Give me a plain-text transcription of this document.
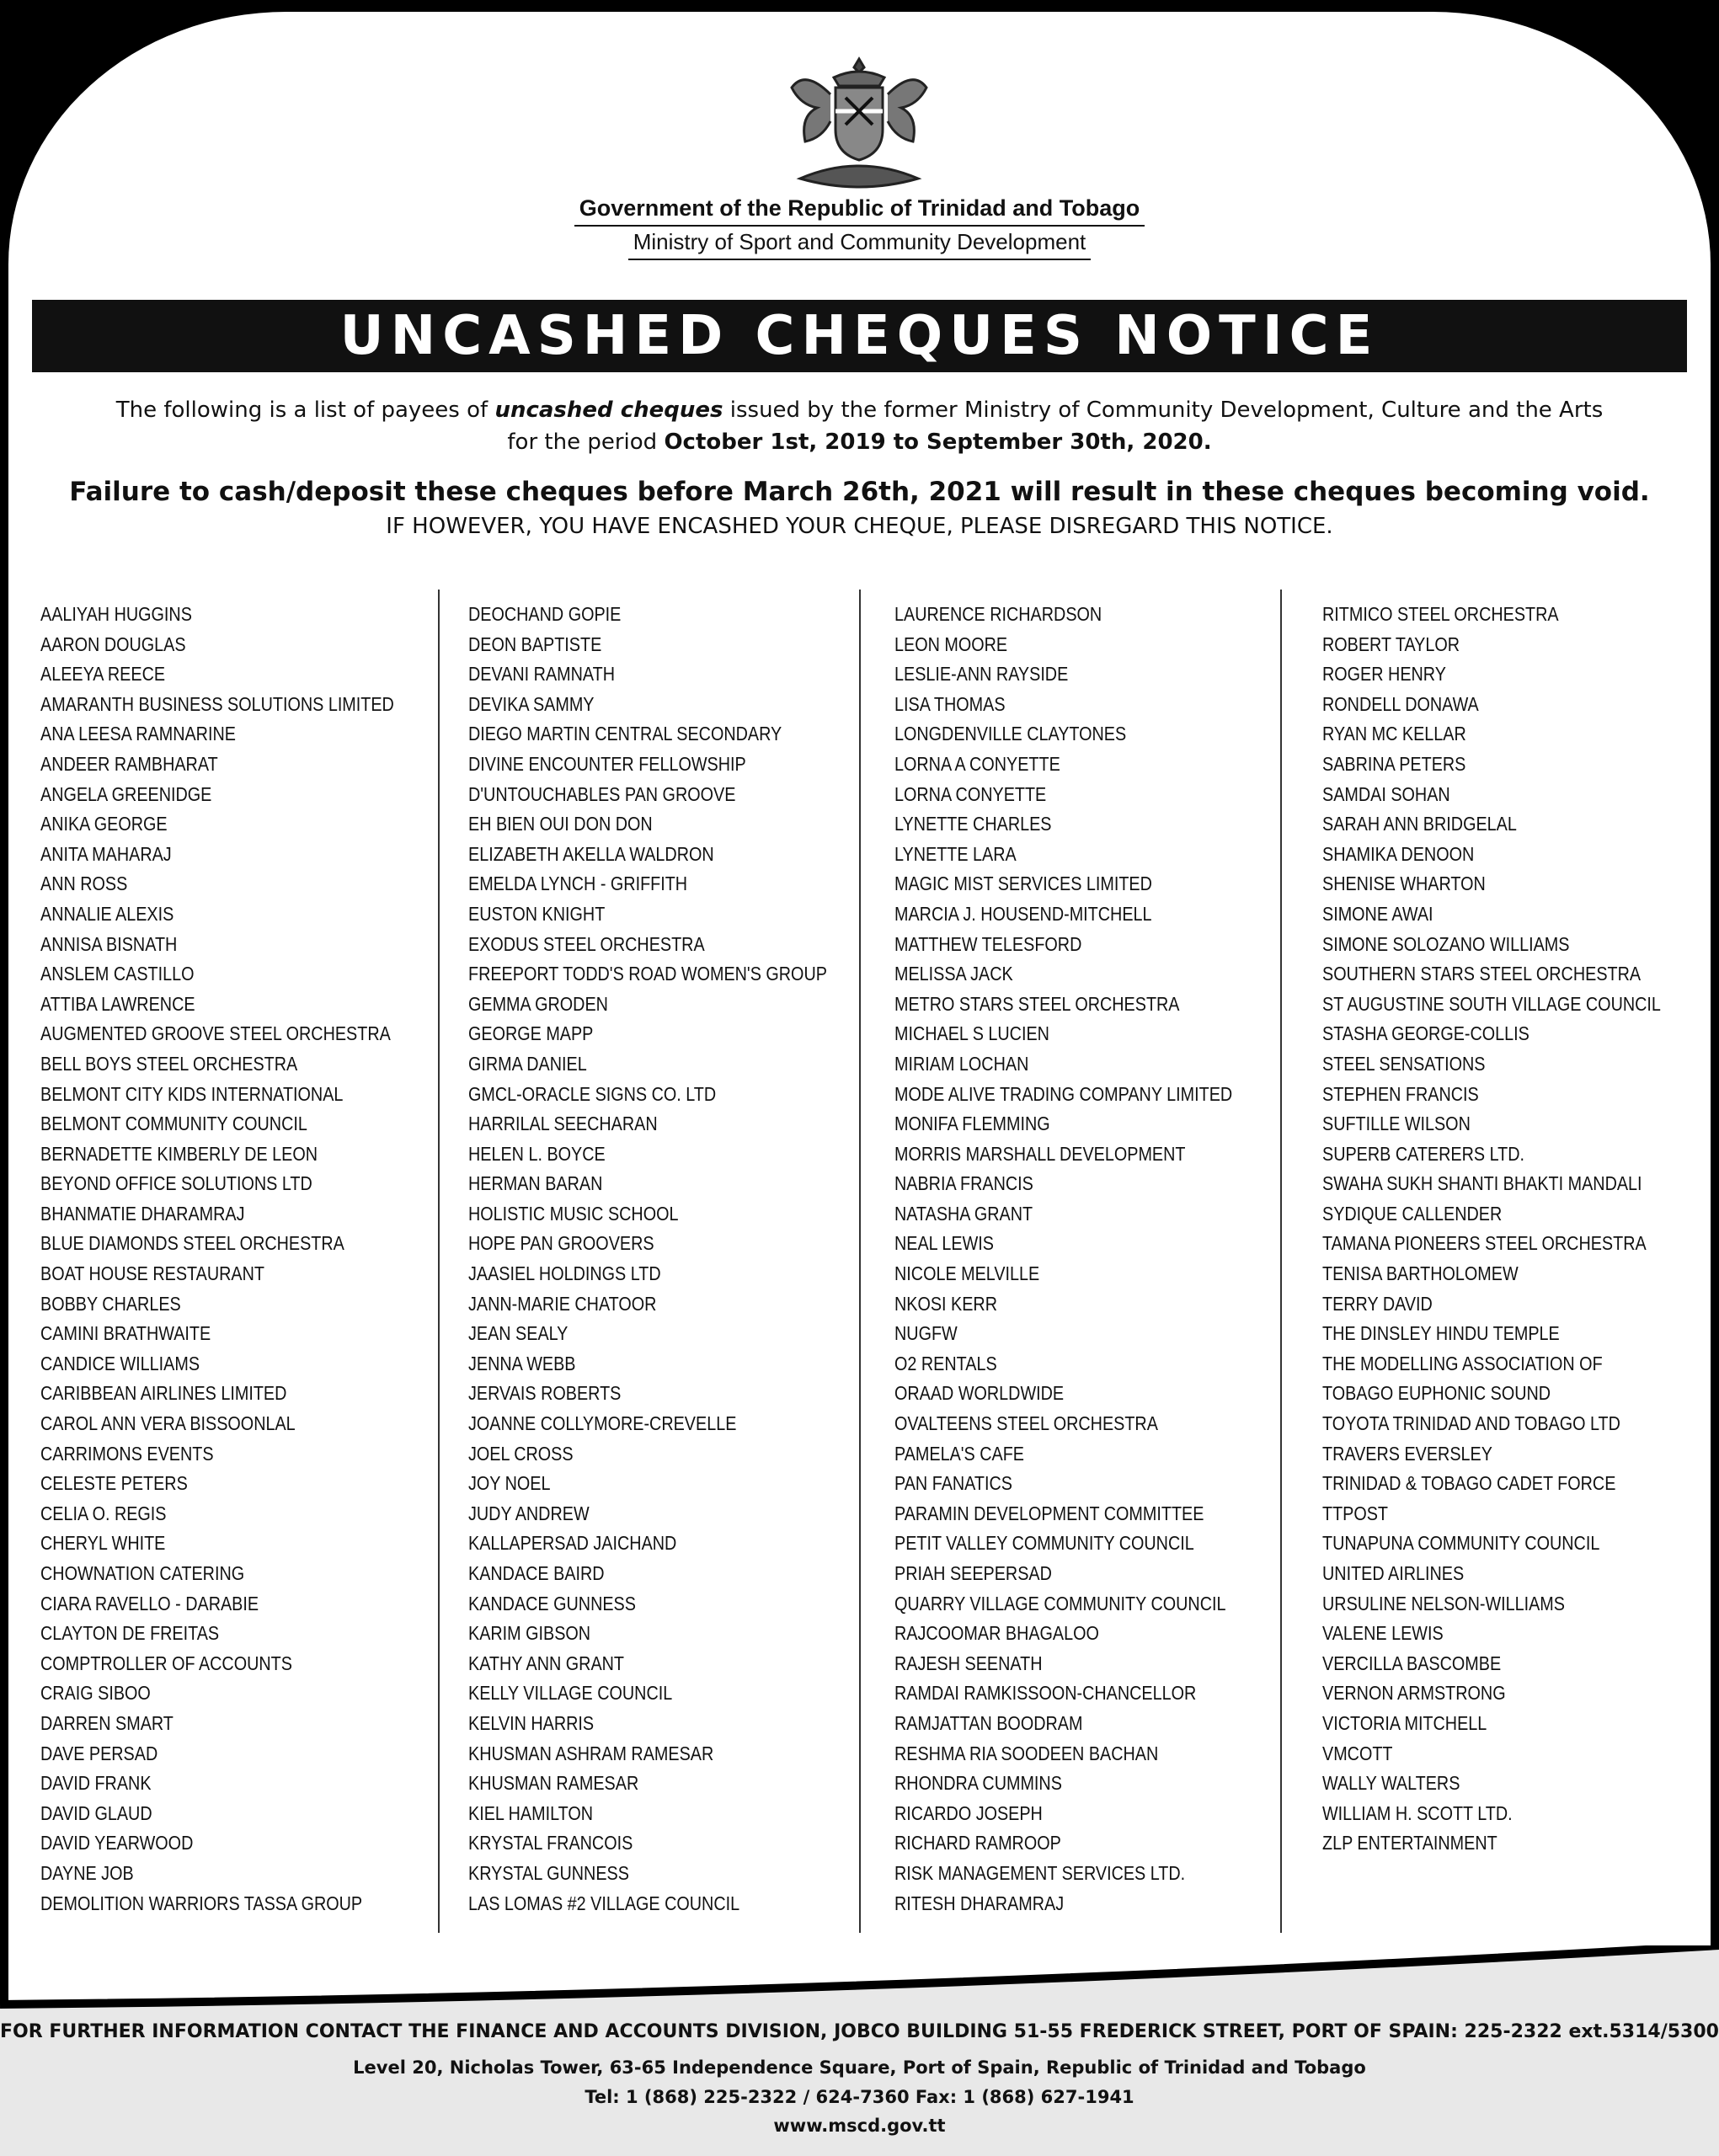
Government of the Republic of Trinidad and Tobago
Ministry of Sport and Community Development
UNCASHED CHEQUES NOTICE
The following is a list of payees of uncashed cheques issued by the former Ministry of Community Development, Culture and the Arts
for the period October 1st, 2019 to September 30th, 2020.
Failure to cash/deposit these cheques before March 26th, 2021 will result in these cheques becoming void.
IF HOWEVER, YOU HAVE ENCASHED YOUR CHEQUE, PLEASE DISREGARD THIS NOTICE.
AALIYAH HUGGINS
AARON DOUGLAS
ALEEYA REECE
AMARANTH BUSINESS SOLUTIONS LIMITED
ANA LEESA RAMNARINE
ANDEER RAMBHARAT
ANGELA GREENIDGE
ANIKA GEORGE
ANITA MAHARAJ
ANN ROSS
ANNALIE ALEXIS
ANNISA BISNATH
ANSLEM CASTILLO
ATTIBA LAWRENCE
AUGMENTED GROOVE STEEL ORCHESTRA
BELL BOYS STEEL ORCHESTRA
BELMONT CITY KIDS INTERNATIONAL
BELMONT COMMUNITY COUNCIL
BERNADETTE KIMBERLY DE LEON
BEYOND OFFICE SOLUTIONS LTD
BHANMATIE DHARAMRAJ
BLUE DIAMONDS STEEL ORCHESTRA
BOAT HOUSE RESTAURANT
BOBBY CHARLES
CAMINI BRATHWAITE
CANDICE WILLIAMS
CARIBBEAN AIRLINES LIMITED
CAROL ANN VERA BISSOONLAL
CARRIMONS EVENTS
CELESTE PETERS
CELIA O. REGIS
CHERYL WHITE
CHOWNATION CATERING
CIARA RAVELLO - DARABIE
CLAYTON DE FREITAS
COMPTROLLER OF ACCOUNTS
CRAIG SIBOO
DARREN SMART
DAVE PERSAD
DAVID FRANK
DAVID GLAUD
DAVID YEARWOOD
DAYNE JOB
DEMOLITION WARRIORS TASSA GROUP
DEOCHAND GOPIE
DEON BAPTISTE
DEVANI RAMNATH
DEVIKA SAMMY
DIEGO MARTIN CENTRAL SECONDARY
DIVINE ENCOUNTER FELLOWSHIP
D'UNTOUCHABLES PAN GROOVE
EH BIEN OUI DON DON
ELIZABETH AKELLA WALDRON
EMELDA LYNCH - GRIFFITH
EUSTON KNIGHT
EXODUS STEEL ORCHESTRA
FREEPORT TODD'S ROAD WOMEN'S GROUP
GEMMA GRODEN
GEORGE MAPP
GIRMA DANIEL
GMCL-ORACLE SIGNS CO. LTD
HARRILAL SEECHARAN
HELEN L. BOYCE
HERMAN BARAN
HOLISTIC MUSIC SCHOOL
HOPE PAN GROOVERS
JAASIEL HOLDINGS LTD
JANN-MARIE CHATOOR
JEAN SEALY
JENNA WEBB
JERVAIS ROBERTS
JOANNE COLLYMORE-CREVELLE
JOEL CROSS
JOY NOEL
JUDY ANDREW
KALLAPERSAD JAICHAND
KANDACE BAIRD
KANDACE GUNNESS
KARIM GIBSON
KATHY ANN GRANT
KELLY VILLAGE COUNCIL
KELVIN HARRIS
KHUSMAN ASHRAM RAMESAR
KHUSMAN RAMESAR
KIEL HAMILTON
KRYSTAL FRANCOIS
KRYSTAL GUNNESS
LAS LOMAS #2 VILLAGE COUNCIL
LAURENCE RICHARDSON
LEON MOORE
LESLIE-ANN RAYSIDE
LISA THOMAS
LONGDENVILLE CLAYTONES
LORNA A CONYETTE
LORNA CONYETTE
LYNETTE CHARLES
LYNETTE LARA
MAGIC MIST SERVICES LIMITED
MARCIA J. HOUSEND-MITCHELL
MATTHEW TELESFORD
MELISSA JACK
METRO STARS STEEL ORCHESTRA
MICHAEL S LUCIEN
MIRIAM LOCHAN
MODE ALIVE TRADING COMPANY LIMITED
MONIFA FLEMMING
MORRIS MARSHALL DEVELOPMENT
NABRIA FRANCIS
NATASHA GRANT
NEAL LEWIS
NICOLE MELVILLE
NKOSI KERR
NUGFW
O2 RENTALS
ORAAD WORLDWIDE
OVALTEENS STEEL ORCHESTRA
PAMELA'S CAFE
PAN FANATICS
PARAMIN DEVELOPMENT COMMITTEE
PETIT VALLEY COMMUNITY COUNCIL
PRIAH SEEPERSAD
QUARRY VILLAGE COMMUNITY COUNCIL
RAJCOOMAR BHAGALOO
RAJESH SEENATH
RAMDAI RAMKISSOON-CHANCELLOR
RAMJATTAN BOODRAM
RESHMA RIA SOODEEN BACHAN
RHONDRA CUMMINS
RICARDO JOSEPH
RICHARD RAMROOP
RISK MANAGEMENT SERVICES LTD.
RITESH DHARAMRAJ
RITMICO STEEL ORCHESTRA
ROBERT TAYLOR
ROGER HENRY
RONDELL DONAWA
RYAN MC KELLAR
SABRINA PETERS
SAMDAI SOHAN
SARAH ANN BRIDGELAL
SHAMIKA DENOON
SHENISE WHARTON
SIMONE AWAI
SIMONE SOLOZANO WILLIAMS
SOUTHERN STARS STEEL ORCHESTRA
ST AUGUSTINE SOUTH VILLAGE COUNCIL
STASHA GEORGE-COLLIS
STEEL SENSATIONS
STEPHEN FRANCIS
SUFTILLE WILSON
SUPERB CATERERS LTD.
SWAHA SUKH SHANTI BHAKTI MANDALI
SYDIQUE CALLENDER
TAMANA PIONEERS STEEL ORCHESTRA
TENISA BARTHOLOMEW
TERRY DAVID
THE DINSLEY HINDU TEMPLE
THE MODELLING ASSOCIATION OF
TOBAGO EUPHONIC SOUND
TOYOTA TRINIDAD AND TOBAGO LTD
TRAVERS EVERSLEY
TRINIDAD & TOBAGO CADET FORCE
TTPOST
TUNAPUNA COMMUNITY COUNCIL
UNITED AIRLINES
URSULINE NELSON-WILLIAMS
VALENE LEWIS
VERCILLA BASCOMBE
VERNON ARMSTRONG
VICTORIA MITCHELL
VMCOTT
WALLY WALTERS
WILLIAM H. SCOTT LTD.
ZLP ENTERTAINMENT
FOR FURTHER INFORMATION CONTACT THE FINANCE AND ACCOUNTS DIVISION, JOBCO BUILDING 51-55 FREDERICK STREET, PORT OF SPAIN: 225-2322 ext.5314/5300
Level 20, Nicholas Tower, 63-65 Independence Square, Port of Spain, Republic of Trinidad and Tobago
Tel: 1 (868) 225-2322 / 624-7360 Fax: 1 (868) 627-1941
www.mscd.gov.tt
